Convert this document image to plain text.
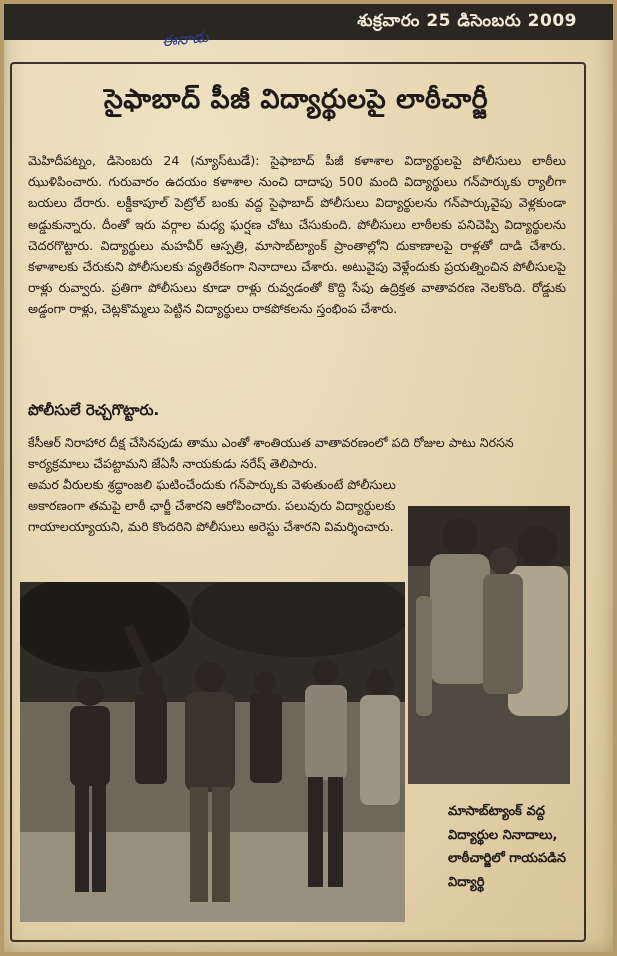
శుక్రవారం 25 డిసెంబరు 2009
ఈనాడు
సైఫాబాద్ పీజీ విద్యార్థులపై లాఠీచార్జీ
మెహిదీపట్నం, డిసెంబరు 24 (న్యూస్‌టుడే): సైఫాబాద్ పీజీ కళాశాల విద్యార్థులపై పోలీసులు లాఠీలు ఝుళిపించారు. గురువారం ఉదయం కళాశాల నుంచి దాదాపు 500 మంది విద్యార్థులు గన్‌పార్కుకు ర్యాలీగా బయలు దేరారు. లక్డీకాపూల్ పెట్రోల్ బంకు వద్ద సైఫాబాద్ పోలీసులు విద్యార్థులను గన్‌పార్కువైపు వెళ్లకుండా అడ్డుకున్నారు. దీంతో ఇరు వర్గాల మధ్య ఘర్షణ చోటు చేసుకుంది. పోలీసులు లాఠీలకు పనిచెప్పి విద్యార్థులను చెదరగొట్టారు. విద్యార్థులు మహవీర్ ఆస్పత్రి, మాసాబ్‌ట్యాంక్ ప్రాంతాల్లోని దుకాణాలపై రాళ్లతో దాడి చేశారు. కళాశాలకు చేరుకుని పోలీసులకు వ్యతిరేకంగా నినాదాలు చేశారు. అటువైపు వెళ్లేందుకు ప్రయత్నించిన పోలీసులపై రాళ్లు రువ్వారు. ప్రతిగా పోలీసులు కూడా రాళ్లు రువ్వడంతో కొద్ది సేపు ఉద్రిక్తత వాతావరణ నెలకొంది. రోడ్డుకు అడ్డంగా రాళ్లు, చెట్లకొమ్మలు పెట్టిన విద్యార్థులు రాకపోకలను స్తంభింప చేశారు.
పోలీసులే రెచ్చగొట్టారు.
కేసీఆర్ నిరాహార దీక్ష చేసినపుడు తాము ఎంతో శాంతియుత వాతావరణంలో పది రోజుల పాటు నిరసన కార్యక్రమాలు చేపట్టామని జేఏసీ నాయకుడు నరేష్ తెలిపారు.
అమర వీరులకు శ్రద్ధాంజలి ఘటించేందుకు గన్‌పార్కుకు వెళుతుంటే పోలీసులు అకారణంగా తమపై లాఠీ ఛార్జీ చేశారని ఆరోపించారు. పలువురు విద్యార్థులకు గాయాలయ్యాయని, మరి కొందరిని పోలీసులు అరెస్టు చేశారని విమర్శించారు.
మాసాబ్‌ట్యాంక్ వద్ద విద్యార్థుల నినాదాలు, లాఠీచార్జిలో గాయపడిన విద్యార్థి
